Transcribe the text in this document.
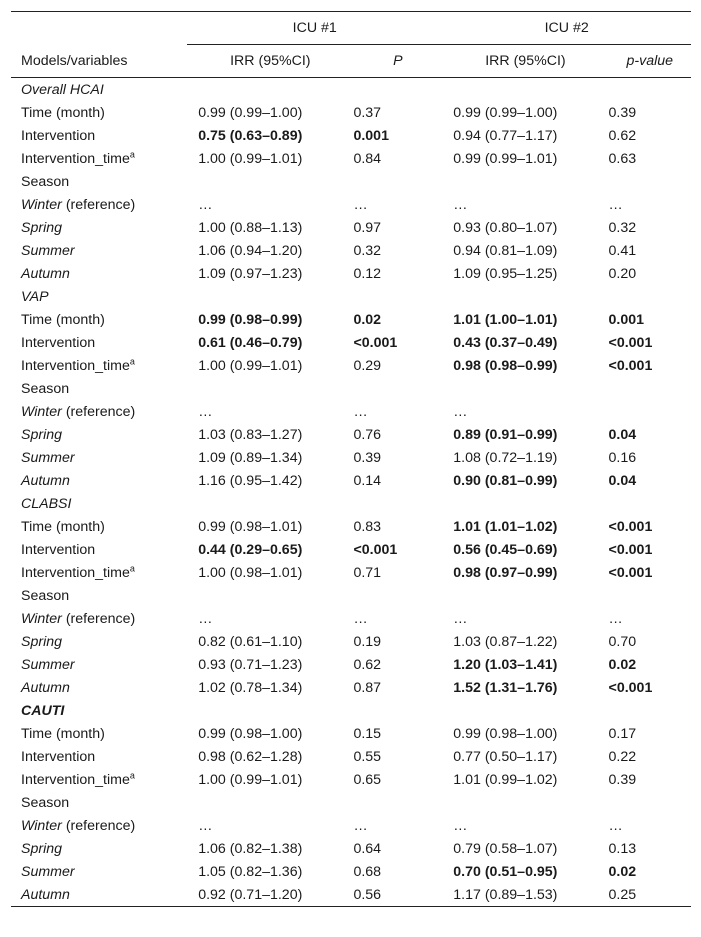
	ICU #1		ICU #2	
Models/variables	IRR (95%CI)	P	IRR (95%CI)	p-value
Overall HCAI				
Time (month)	0.99 (0.99–1.00)	0.37	0.99 (0.99–1.00)	0.39
Intervention	0.75 (0.63–0.89)	0.001	0.94 (0.77–1.17)	0.62
Intervention_time$^a$	1.00 (0.99–1.01)	0.84	0.99 (0.99–1.01)	0.63
Season				
Winter (reference)	…	…	…	…
Spring	1.00 (0.88–1.13)	0.97	0.93 (0.80–1.07)	0.32
Summer	1.06 (0.94–1.20)	0.32	0.94 (0.81–1.09)	0.41
Autumn	1.09 (0.97–1.23)	0.12	1.09 (0.95–1.25)	0.20
VAP				
Time (month)	0.99 (0.98–0.99)	0.02	1.01 (1.00–1.01)	0.001
Intervention	0.61 (0.46–0.79)	<0.001	0.43 (0.37–0.49)	<0.001
Intervention_time$^a$	1.00 (0.99–1.01)	0.29	0.98 (0.98–0.99)	<0.001
Season				
Winter (reference)	…	…	…	
Spring	1.03 (0.83–1.27)	0.76	0.89 (0.91–0.99)	0.04
Summer	1.09 (0.89–1.34)	0.39	1.08 (0.72–1.19)	0.16
Autumn	1.16 (0.95–1.42)	0.14	0.90 (0.81–0.99)	0.04
CLABSI				
Time (month)	0.99 (0.98–1.01)	0.83	1.01 (1.01–1.02)	<0.001
Intervention	0.44 (0.29–0.65)	<0.001	0.56 (0.45–0.69)	<0.001
Intervention_time$^a$	1.00 (0.98–1.01)	0.71	0.98 (0.97–0.99)	<0.001
Season				
Winter (reference)	…	…	…	…
Spring	0.82 (0.61–1.10)	0.19	1.03 (0.87–1.22)	0.70
Summer	0.93 (0.71–1.23)	0.62	1.20 (1.03–1.41)	0.02
Autumn	1.02 (0.78–1.34)	0.87	1.52 (1.31–1.76)	<0.001
CAUTI				
Time (month)	0.99 (0.98–1.00)	0.15	0.99 (0.98–1.00)	0.17
Intervention	0.98 (0.62–1.28)	0.55	0.77 (0.50–1.17)	0.22
Intervention_time$^a$	1.00 (0.99–1.01)	0.65	1.01 (0.99–1.02)	0.39
Season				
Winter (reference)	…	…	…	…
Spring	1.06 (0.82–1.38)	0.64	0.79 (0.58–1.07)	0.13
Summer	1.05 (0.82–1.36)	0.68	0.70 (0.51–0.95)	0.02
Autumn	0.92 (0.71–1.20)	0.56	1.17 (0.89–1.53)	0.25
